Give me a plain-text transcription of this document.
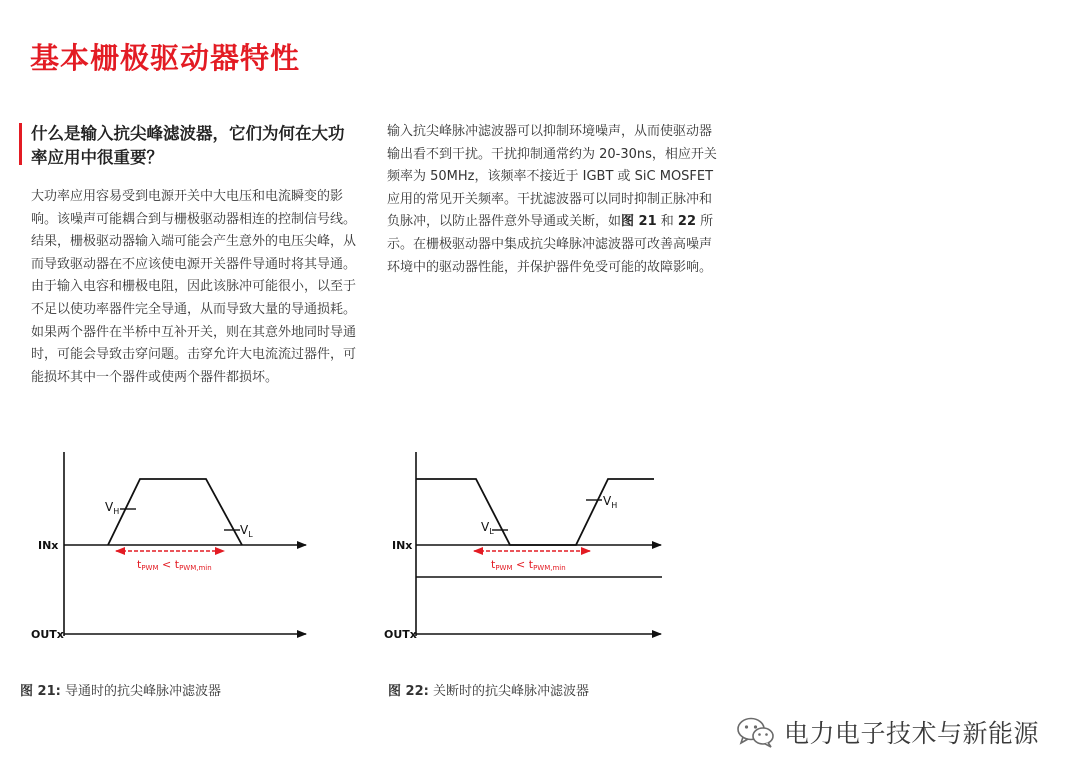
基本栅极驱动器特性
什么是输入抗尖峰滤波器，它们为何在大功率应用中很重要？
大功率应用容易受到电源开关中大电压和电流瞬变的影响。该噪声可能耦合到与栅极驱动器相连的控制信号线。结果，栅极驱动器输入端可能会产生意外的电压尖峰，从而导致驱动器在不应该使电源开关器件导通时将其导通。由于输入电容和栅极电阻，因此该脉冲可能很小，以至于不足以使功率器件完全导通，从而导致大量的导通损耗。如果两个器件在半桥中互补开关，则在其意外地同时导通时，可能会导致击穿问题。击穿允许大电流流过器件，可能损坏其中一个器件或使两个器件都损坏。
输入抗尖峰脉冲滤波器可以抑制环境噪声，从而使驱动器输出看不到干扰。干扰抑制通常约为 20-30ns，相应开关频率为 50MHz，该频率不接近于 IGBT 或 SiC MOSFET 应用的常见开关频率。干扰滤波器可以同时抑制正脉冲和负脉冲，以防止器件意外导通或关断，如图 21 和 22 所示。在栅极驱动器中集成抗尖峰脉冲滤波器可改善高噪声环境中的驱动器性能，并保护器件免受可能的故障影响。
$V_H$
$V_L$
INx
OUTx
tPWM < tPWM,min
$V_L$
$V_H$
INx
OUTx
tPWM < tPWM,min
图 21: 导通时的抗尖峰脉冲滤波器	图 22: 关断时的抗尖峰脉冲滤波器
电力电子技术与新能源
